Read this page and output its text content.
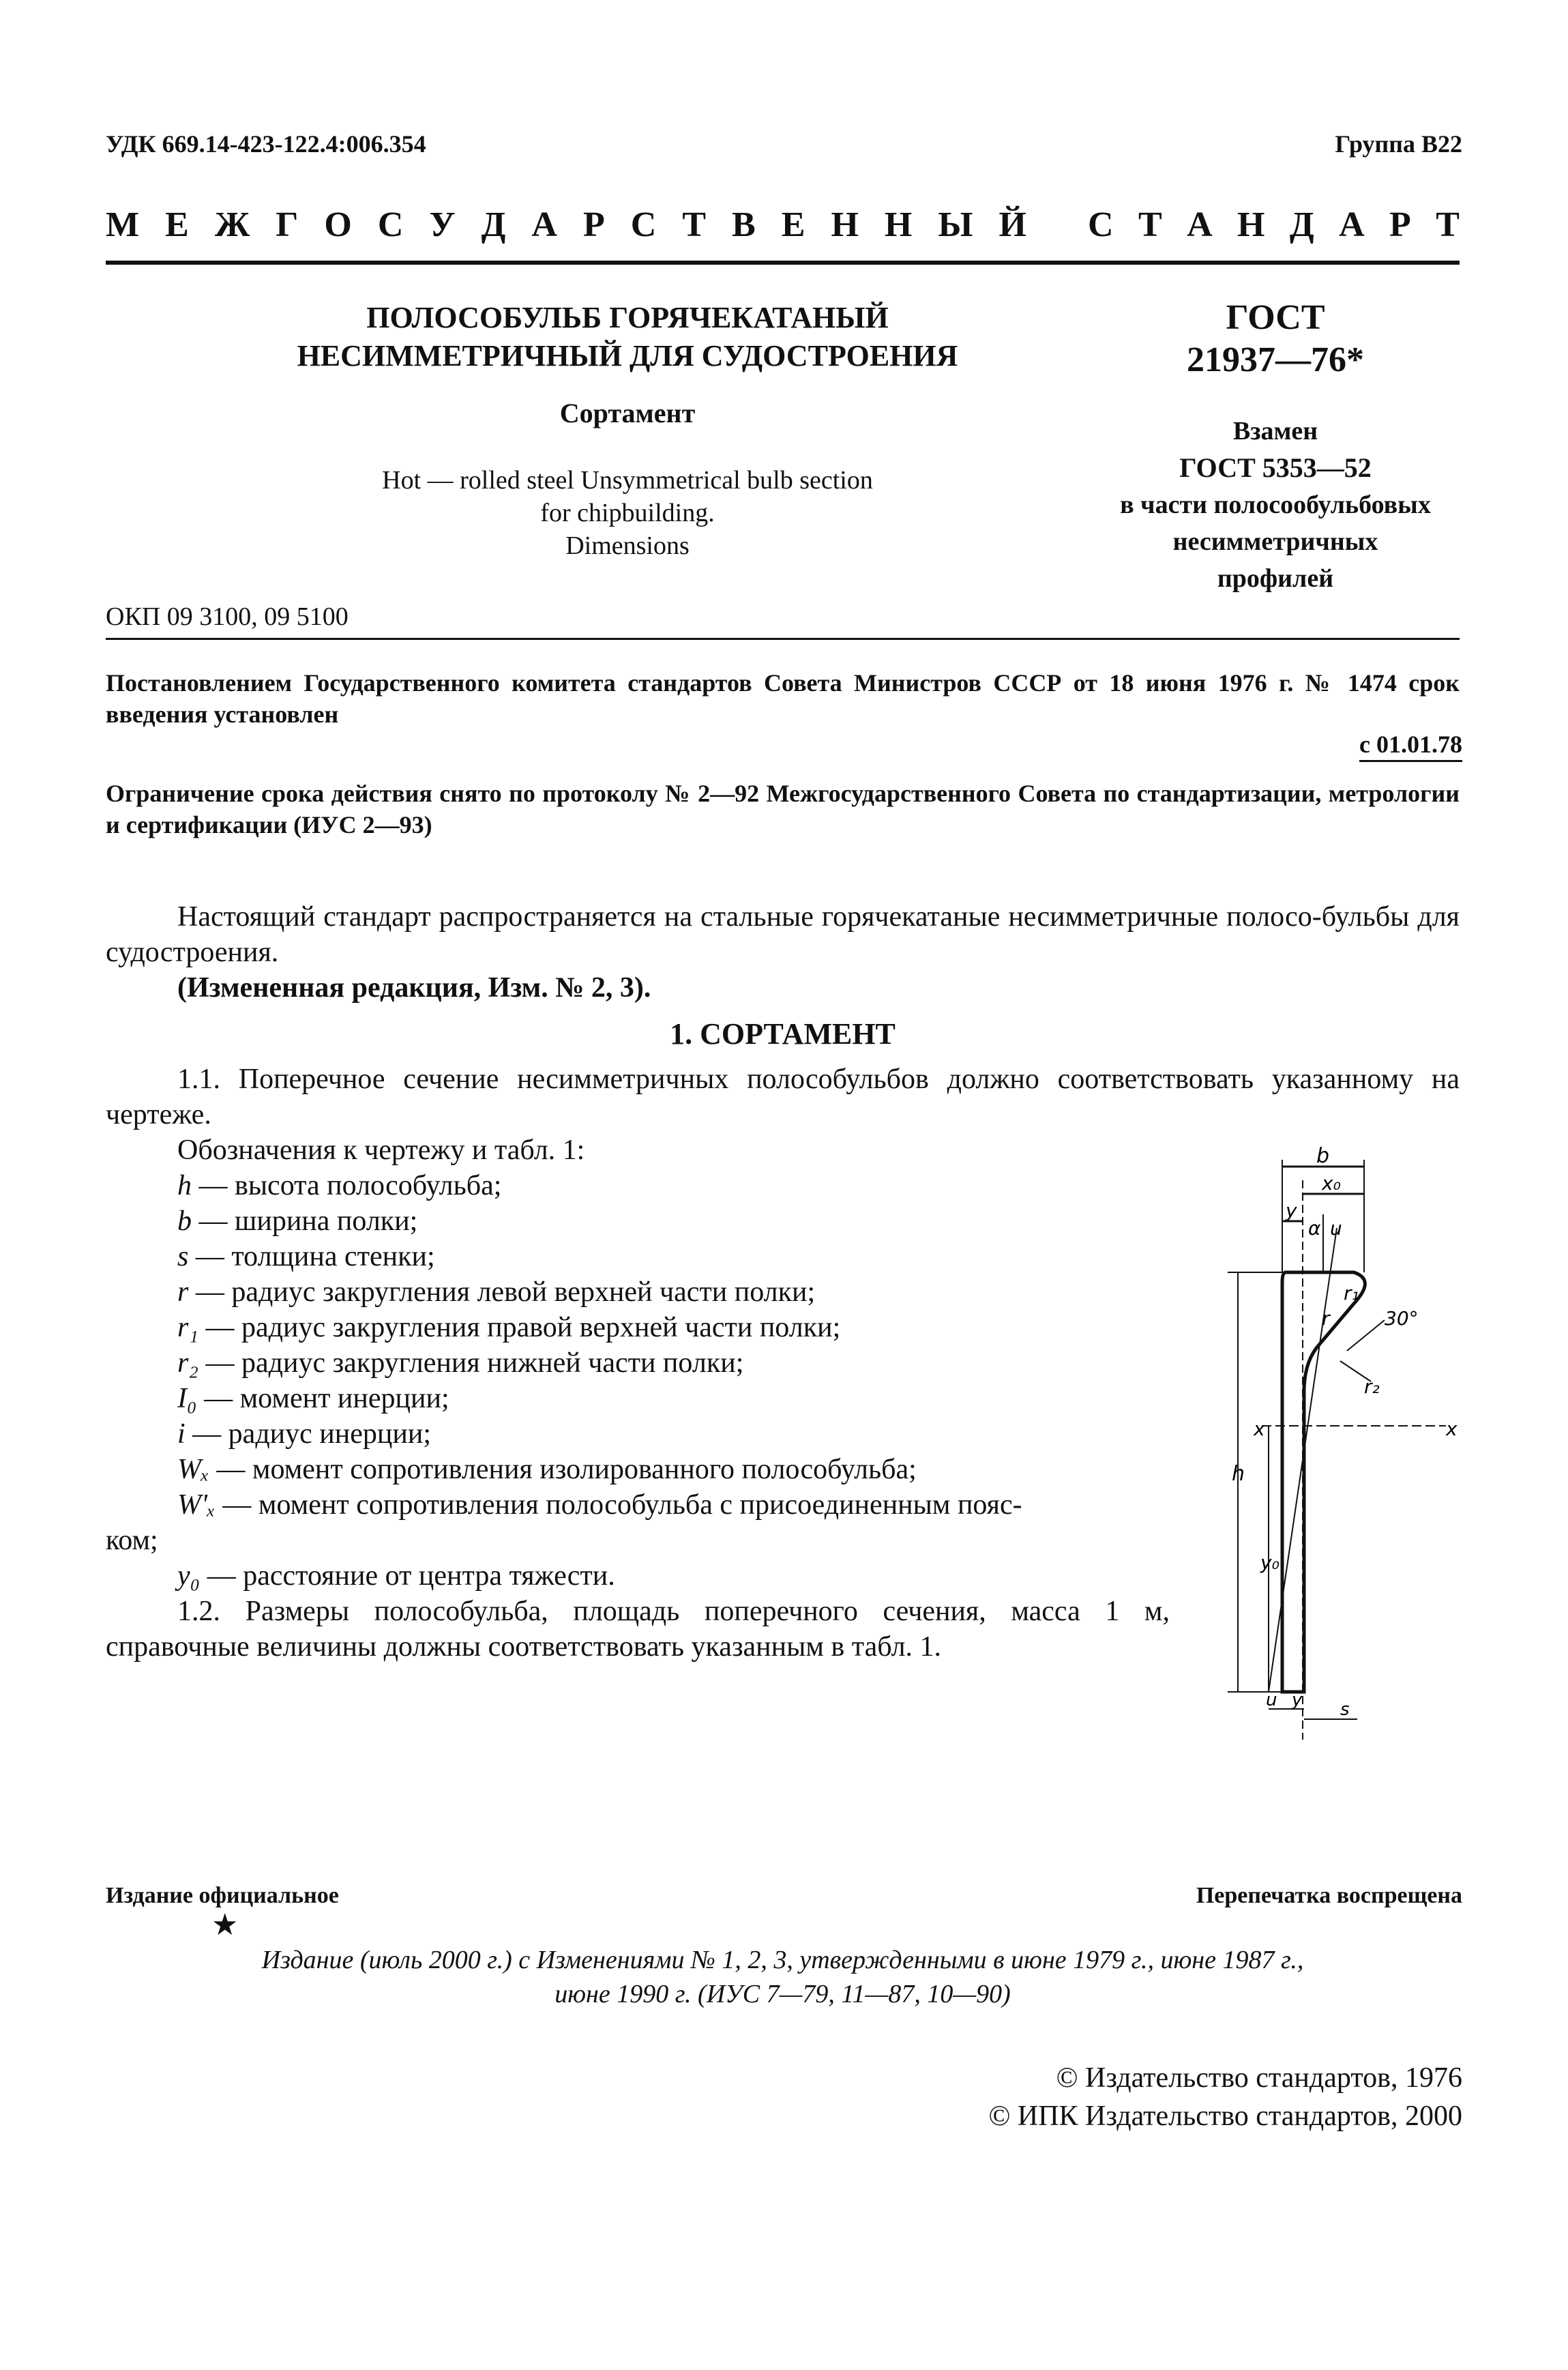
УДК 669.14-423-122.4:006.354	Группа В22
М Е Ж Г О С У Д А Р С Т В Е Н Н Ы Й С Т А Н Д А Р Т
ПОЛОСОБУЛЬБ ГОРЯЧЕКАТАНЫЙ
НЕСИММЕТРИЧНЫЙ ДЛЯ СУДОСТРОЕНИЯ
Сортамент
Hot — rolled steel Unsymmetrical bulb section
for chipbuilding.
Dimensions
ОКП 09 3100, 09 5100
ГОСТ
21937—76*
Взамен
ГОСТ 5353—52
в части полосообульбовых
несимметричных
профилей
Постановлением Государственного комитета стандартов Совета Министров СССР от 18 июня 1976 г. № 1474 срок введения установлен
с 01.01.78
Ограничение срока действия снято по протоколу № 2—92 Межгосударственного Совета по стандартизации, метрологии и сертификации (ИУС 2—93)
Настоящий стандарт распространяется на стальные горячекатаные несимметричные полосо-бульбы для судостроения.
(Измененная редакция, Изм. № 2, 3).
1. СОРТАМЕНТ
1.1. Поперечное сечение несимметричных полособульбов должно соответствовать указанному на чертеже.
Обозначения к чертежу и табл. 1:
h — высота полособульба;
b — ширина полки;
s — толщина стенки;
r — радиус закругления левой верхней части полки;
r₁ — радиус закругления правой верхней части полки;
r₂ — радиус закругления нижней части полки;
I₀ — момент инерции;
i — радиус инерции;
Wₓ — момент сопротивления изолированного полособульба;
W'ₓ — момент сопротивления полособульба с присоединенным пояс-
ком;
y₀ — расстояние от центра тяжести.
1.2. Размеры полособульба, площадь поперечного сечения, масса 1 м, справочные величины должны соответствовать указанным в табл. 1.
b
x₀
y
α u
r₁
r	30°
r₂
x	x
h
y₀
u y s
Издание официальное	Перепечатка воспрещена
★
Издание (июль 2000 г.) с Изменениями № 1, 2, 3, утвержденными в июне 1979 г., июне 1987 г.,
июне 1990 г. (ИУС 7—79, 11—87, 10—90)
© Издательство стандартов, 1976
© ИПК Издательство стандартов, 2000
